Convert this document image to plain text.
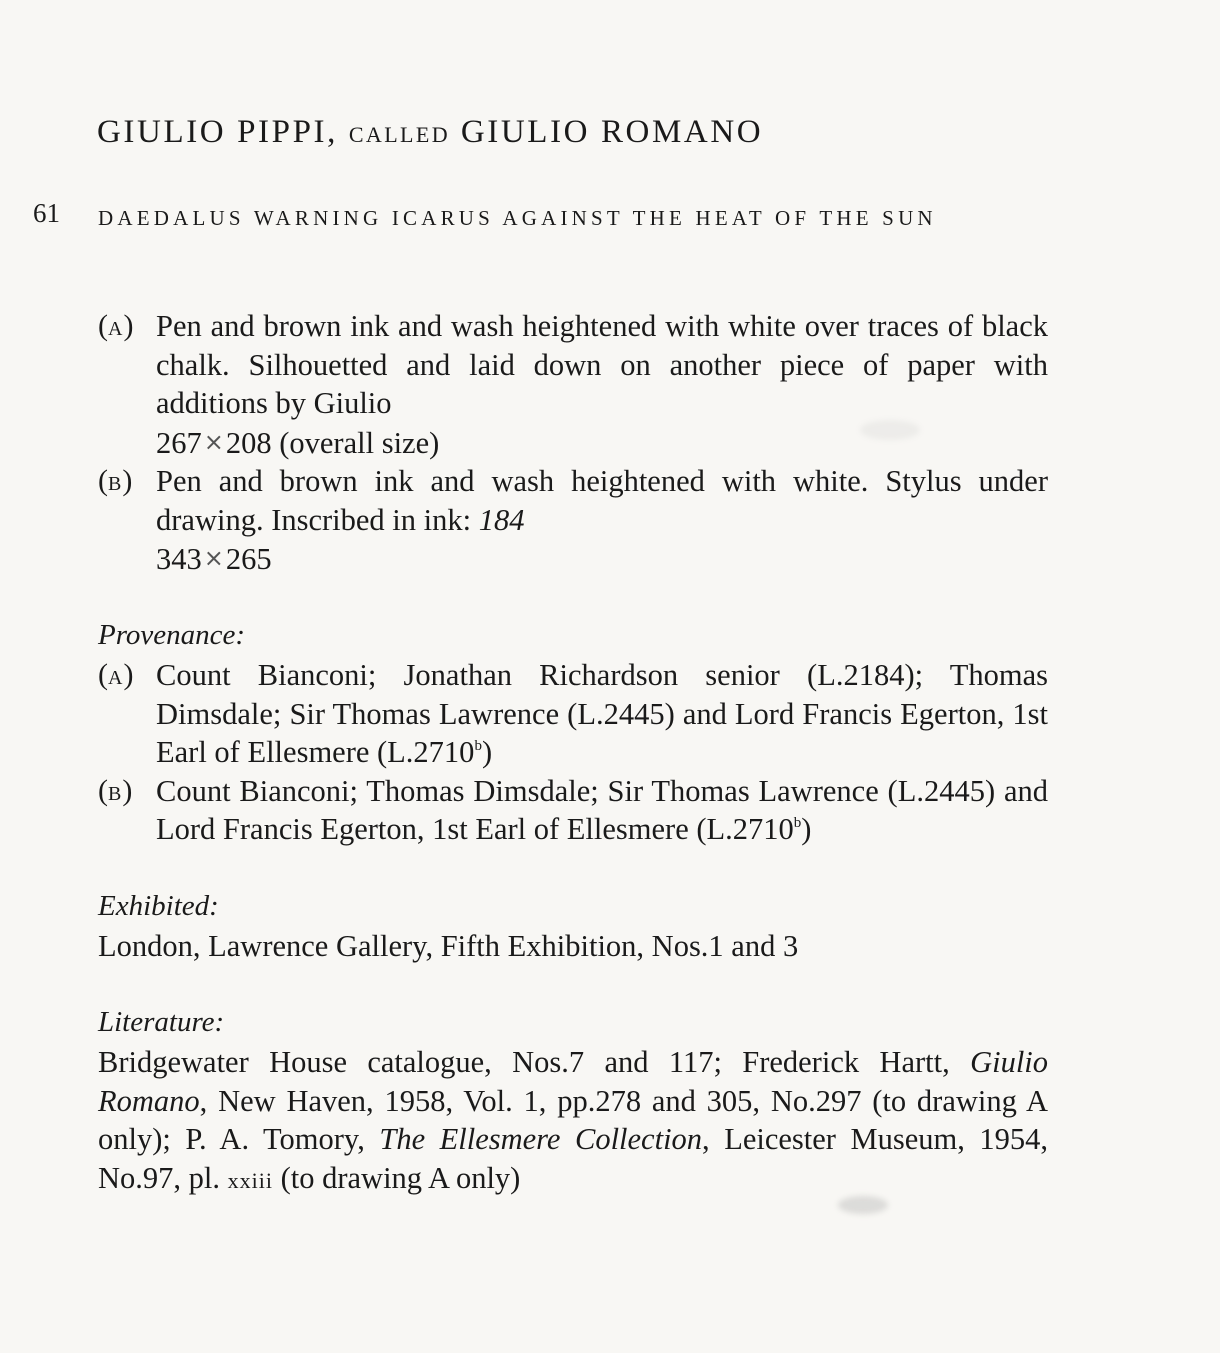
GIULIO PIPPI, CALLED GIULIO ROMANO
61 DAEDALUS WARNING ICARUS AGAINST THE HEAT OF THE SUN
(A) Pen and brown ink and wash heightened with white over traces of black chalk. Silhouetted and laid down on another piece of paper with additions by Giulio
267×208 (overall size)
(B) Pen and brown ink and wash heightened with white. Stylus under drawing. Inscribed in ink: 184
343×265
Provenance:
(A) Count Bianconi; Jonathan Richardson senior (L.2184); Thomas Dimsdale; Sir Thomas Lawrence (L.2445) and Lord Francis Egerton, 1st Earl of Ellesmere (L.2710$^b$)
(B) Count Bianconi; Thomas Dimsdale; Sir Thomas Lawrence (L.2445) and Lord Francis Egerton, 1st Earl of Ellesmere (L.2710$^b$)
Exhibited:
London, Lawrence Gallery, Fifth Exhibition, Nos.1 and 3
Literature:
Bridgewater House catalogue, Nos.7 and 117; Frederick Hartt, Giulio Romano, New Haven, 1958, Vol. 1, pp.278 and 305, No.297 (to drawing A only); P. A. Tomory, The Ellesmere Collection, Leicester Museum, 1954, No.97, pl. xxiii (to drawing A only)
